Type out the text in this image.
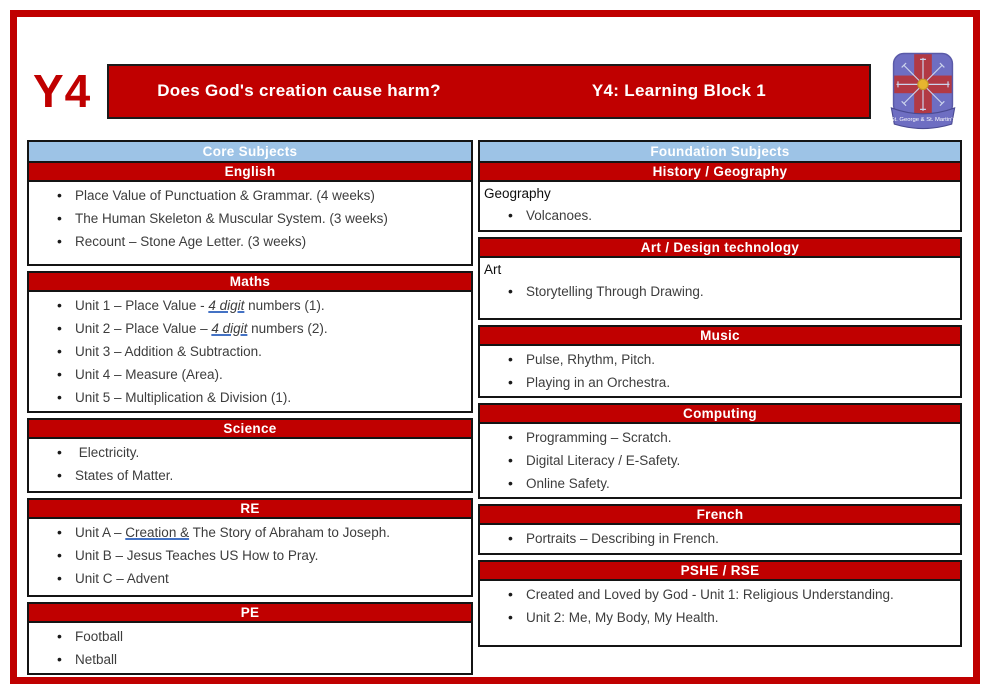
Y4	Does God's creation cause harm?	Y4: Learning Block 1
St. George & St. Martin's
Core Subjects
English
• Place Value of Punctuation & Grammar. (4 weeks)
• The Human Skeleton & Muscular System. (3 weeks)
• Recount – Stone Age Letter. (3 weeks)
Maths
• Unit 1 – Place Value - 4 digit numbers (1).
• Unit 2 – Place Value – 4 digit numbers (2).
• Unit 3 – Addition & Subtraction.
• Unit 4 – Measure (Area).
• Unit 5 – Multiplication & Division (1).
Science
•  Electricity.
• States of Matter.
RE
• Unit A – Creation & The Story of Abraham to Joseph.
• Unit B – Jesus Teaches US How to Pray.
• Unit C – Advent
PE
• Football
• Netball
Foundation Subjects
History / Geography
Geography
• Volcanoes.
Art / Design technology
Art
• Storytelling Through Drawing.
Music
• Pulse, Rhythm, Pitch.
• Playing in an Orchestra.
Computing
• Programming – Scratch.
• Digital Literacy / E-Safety.
• Online Safety.
French
• Portraits – Describing in French.
PSHE / RSE
• Created and Loved by God - Unit 1: Religious Understanding.
• Unit 2: Me, My Body, My Health.
